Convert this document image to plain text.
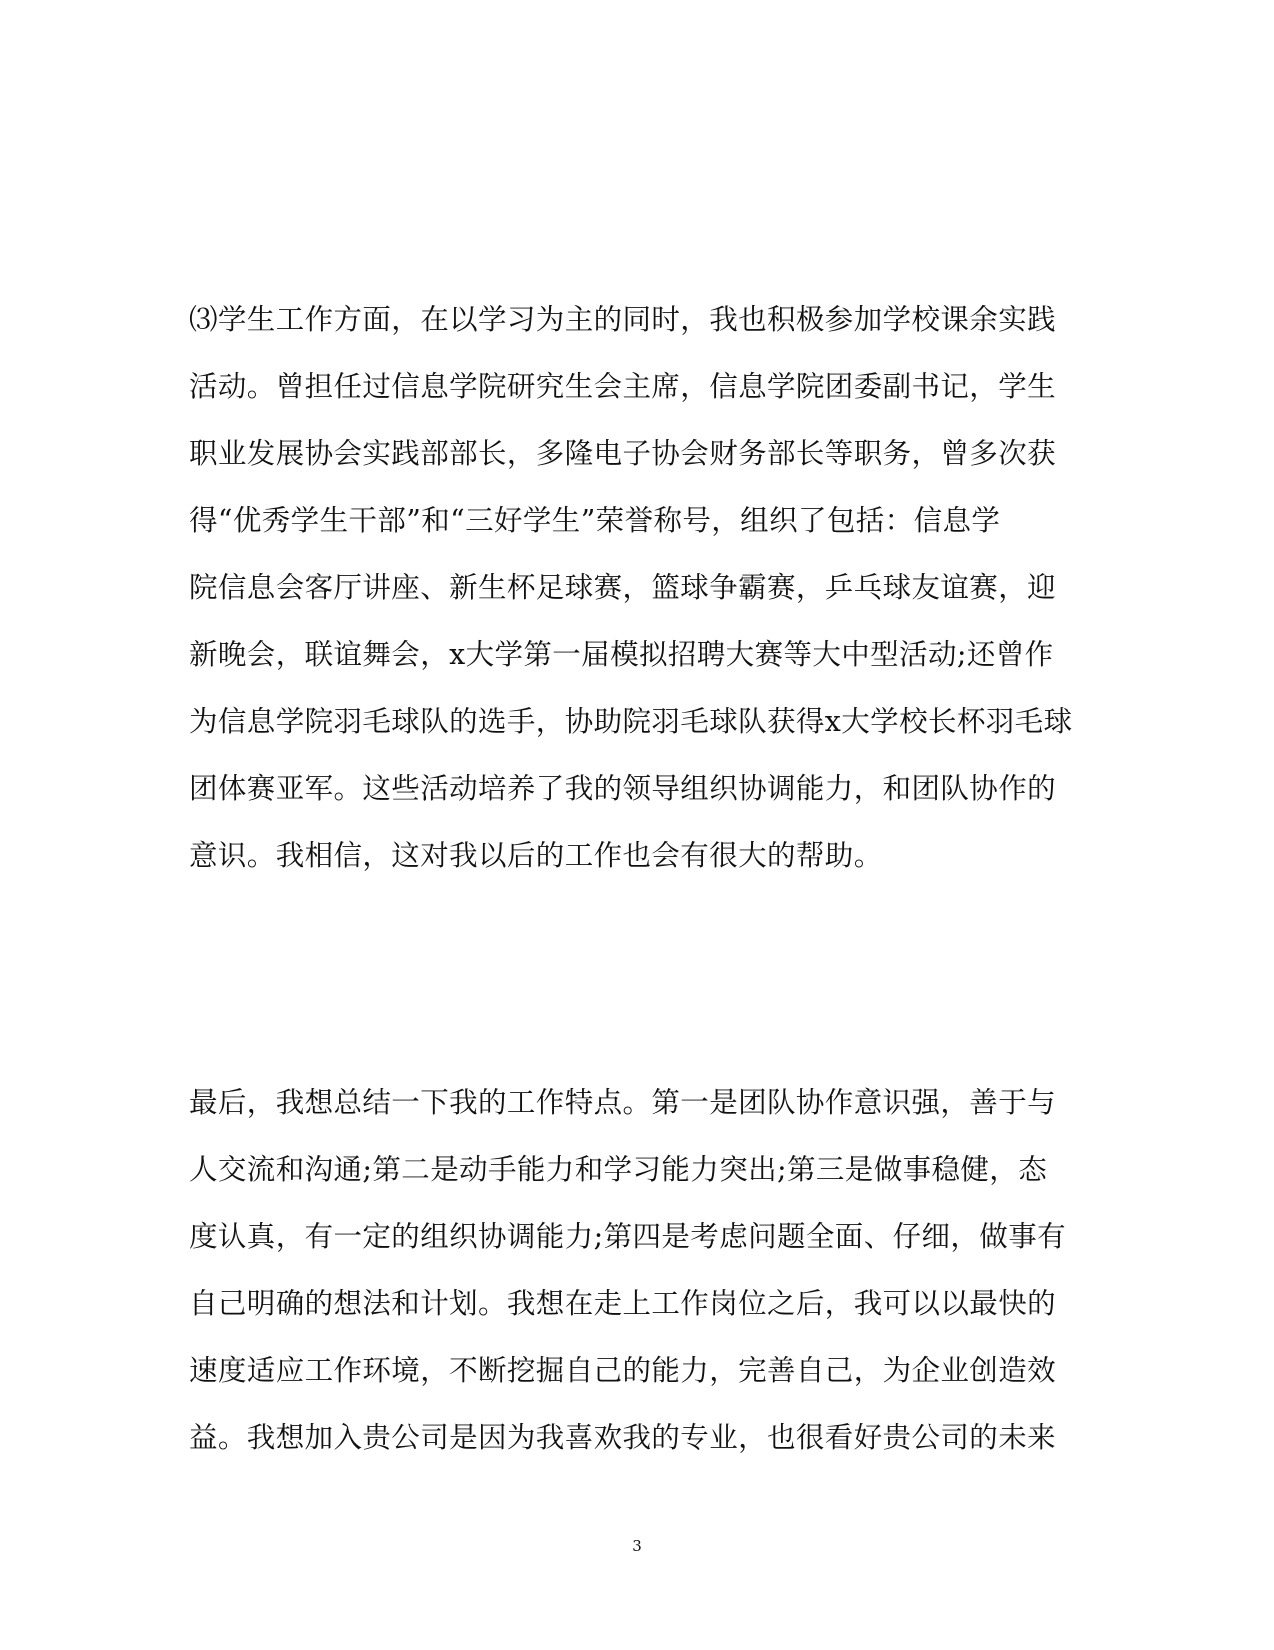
⑶学生工作方面，在以学习为主的同时，我也积极参加学校课余实践
活动。曾担任过信息学院研究生会主席，信息学院团委副书记，学生
职业发展协会实践部部长，多隆电子协会财务部长等职务，曾多次获
得“优秀学生干部”和“三好学生”荣誉称号，组织了包括：信息学
院信息会客厅讲座、新生杯足球赛，篮球争霸赛，乒乓球友谊赛，迎
新晚会，联谊舞会，x大学第一届模拟招聘大赛等大中型活动;还曾作
为信息学院羽毛球队的选手，协助院羽毛球队获得x大学校长杯羽毛球
团体赛亚军。这些活动培养了我的领导组织协调能力，和团队协作的
意识。我相信，这对我以后的工作也会有很大的帮助。
最后，我想总结一下我的工作特点。第一是团队协作意识强，善于与
人交流和沟通;第二是动手能力和学习能力突出;第三是做事稳健，态
度认真，有一定的组织协调能力;第四是考虑问题全面、仔细，做事有
自己明确的想法和计划。我想在走上工作岗位之后，我可以以最快的
速度适应工作环境，不断挖掘自己的能力，完善自己，为企业创造效
益。我想加入贵公司是因为我喜欢我的专业，也很看好贵公司的未来
3
